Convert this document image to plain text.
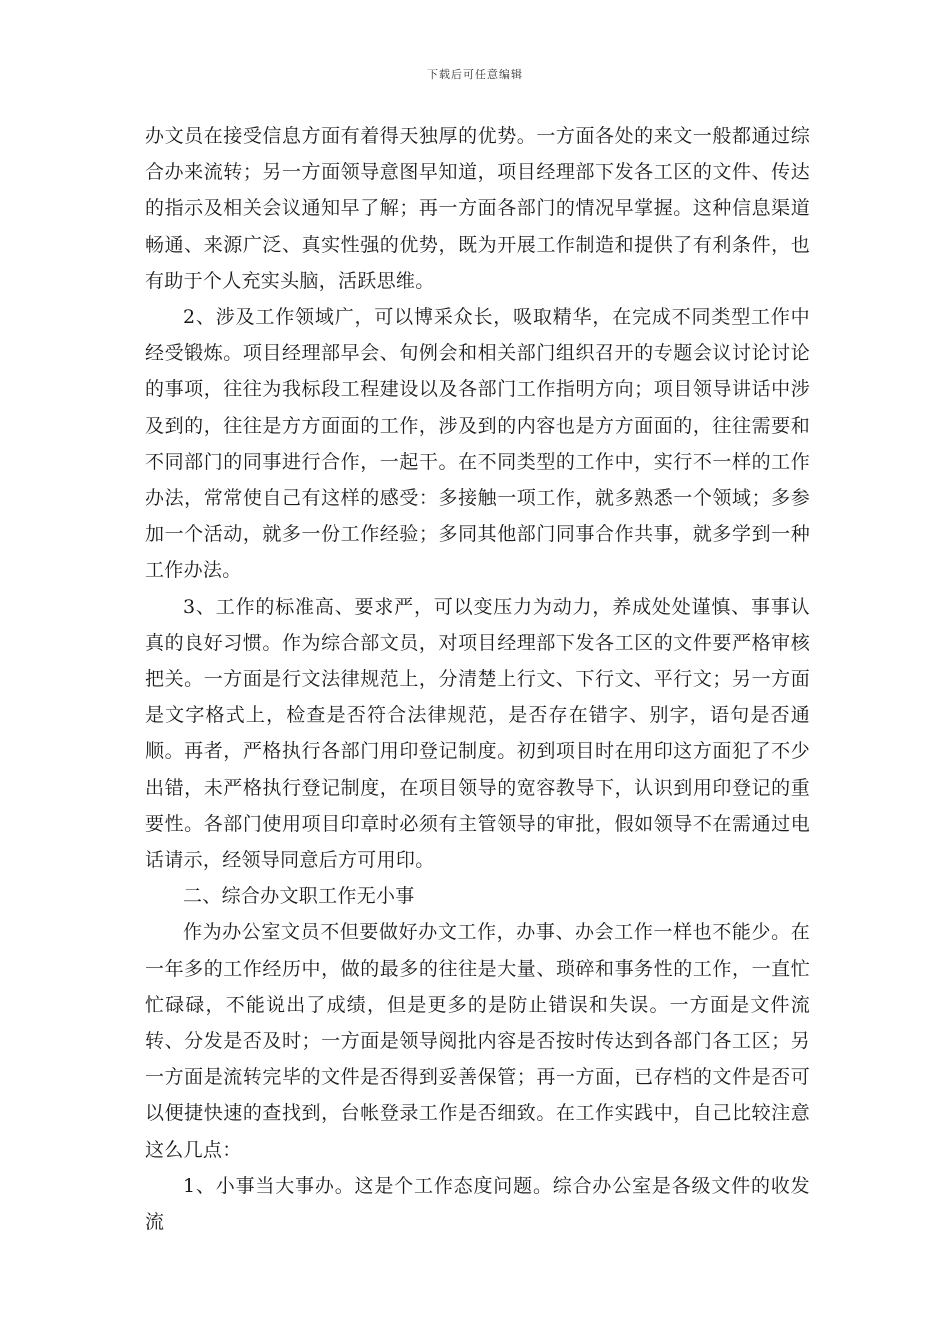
下载后可任意编辑

办文员在接受信息方面有着得天独厚的优势。一方面各处的来文一般都通过综合办来流转；另一方面领导意图早知道，项目经理部下发各工区的文件、传达的指示及相关会议通知早了解；再一方面各部门的情况早掌握。这种信息渠道畅通、来源广泛、真实性强的优势，既为开展工作制造和提供了有利条件，也有助于个人充实头脑，活跃思维。

2、涉及工作领域广，可以博采众长，吸取精华，在完成不同类型工作中经受锻炼。项目经理部早会、旬例会和相关部门组织召开的专题会议讨论讨论的事项，往往为我标段工程建设以及各部门工作指明方向；项目领导讲话中涉及到的，往往是方方面面的工作，涉及到的内容也是方方面面的，往往需要和不同部门的同事进行合作，一起干。在不同类型的工作中，实行不一样的工作办法，常常使自己有这样的感受：多接触一项工作，就多熟悉一个领域；多参加一个活动，就多一份工作经验；多同其他部门同事合作共事，就多学到一种工作办法。

3、工作的标准高、要求严，可以变压力为动力，养成处处谨慎、事事认真的良好习惯。作为综合部文员，对项目经理部下发各工区的文件要严格审核把关。一方面是行文法律规范上，分清楚上行文、下行文、平行文；另一方面是文字格式上，检查是否符合法律规范，是否存在错字、别字，语句是否通顺。再者，严格执行各部门用印登记制度。初到项目时在用印这方面犯了不少出错，未严格执行登记制度，在项目领导的宽容教导下，认识到用印登记的重要性。各部门使用项目印章时必须有主管领导的审批，假如领导不在需通过电话请示，经领导同意后方可用印。

二、综合办文职工作无小事

作为办公室文员不但要做好办文工作，办事、办会工作一样也不能少。在一年多的工作经历中，做的最多的往往是大量、琐碎和事务性的工作，一直忙忙碌碌，不能说出了成绩，但是更多的是防止错误和失误。一方面是文件流转、分发是否及时；一方面是领导阅批内容是否按时传达到各部门各工区；另一方面是流转完毕的文件是否得到妥善保管；再一方面，已存档的文件是否可以便捷快速的查找到，台帐登录工作是否细致。在工作实践中，自己比较注意这么几点：

1、小事当大事办。这是个工作态度问题。综合办公室是各级文件的收发流
